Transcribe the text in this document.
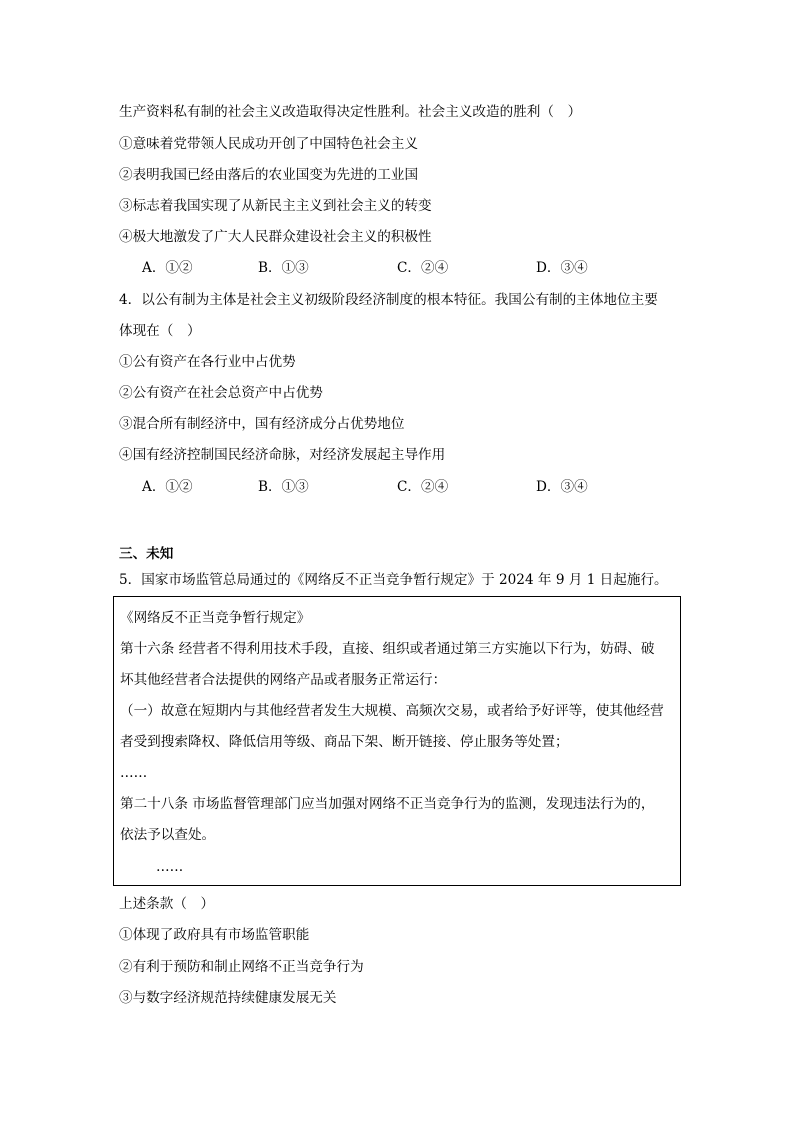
生产资料私有制的社会主义改造取得决定性胜利。社会主义改造的胜利（　）
①意味着党带领人民成功开创了中国特色社会主义
②表明我国已经由落后的农业国变为先进的工业国
③标志着我国实现了从新民主主义到社会主义的转变
④极大地激发了广大人民群众建设社会主义的积极性
A．①②	B．①③	C．②④	D．③④
4．以公有制为主体是社会主义初级阶段经济制度的根本特征。我国公有制的主体地位主要
体现在（　）
①公有资产在各行业中占优势
②公有资产在社会总资产中占优势
③混合所有制经济中，国有经济成分占优势地位
④国有经济控制国民经济命脉，对经济发展起主导作用
A．①②	B．①③	C．②④	D．③④
三、未知
5．国家市场监管总局通过的《网络反不正当竞争暂行规定》于 2024 年 9 月 1 日起施行。
《网络反不正当竞争暂行规定》
第十六条 经营者不得利用技术手段，直接、组织或者通过第三方实施以下行为，妨碍、破
坏其他经营者合法提供的网络产品或者服务正常运行：
（一）故意在短期内与其他经营者发生大规模、高频次交易，或者给予好评等，使其他经营
者受到搜索降权、降低信用等级、商品下架、断开链接、停止服务等处置；
……
第二十八条 市场监督管理部门应当加强对网络不正当竞争行为的监测，发现违法行为的，
依法予以查处。
……
上述条款（　）
①体现了政府具有市场监管职能
②有利于预防和制止网络不正当竞争行为
③与数字经济规范持续健康发展无关
